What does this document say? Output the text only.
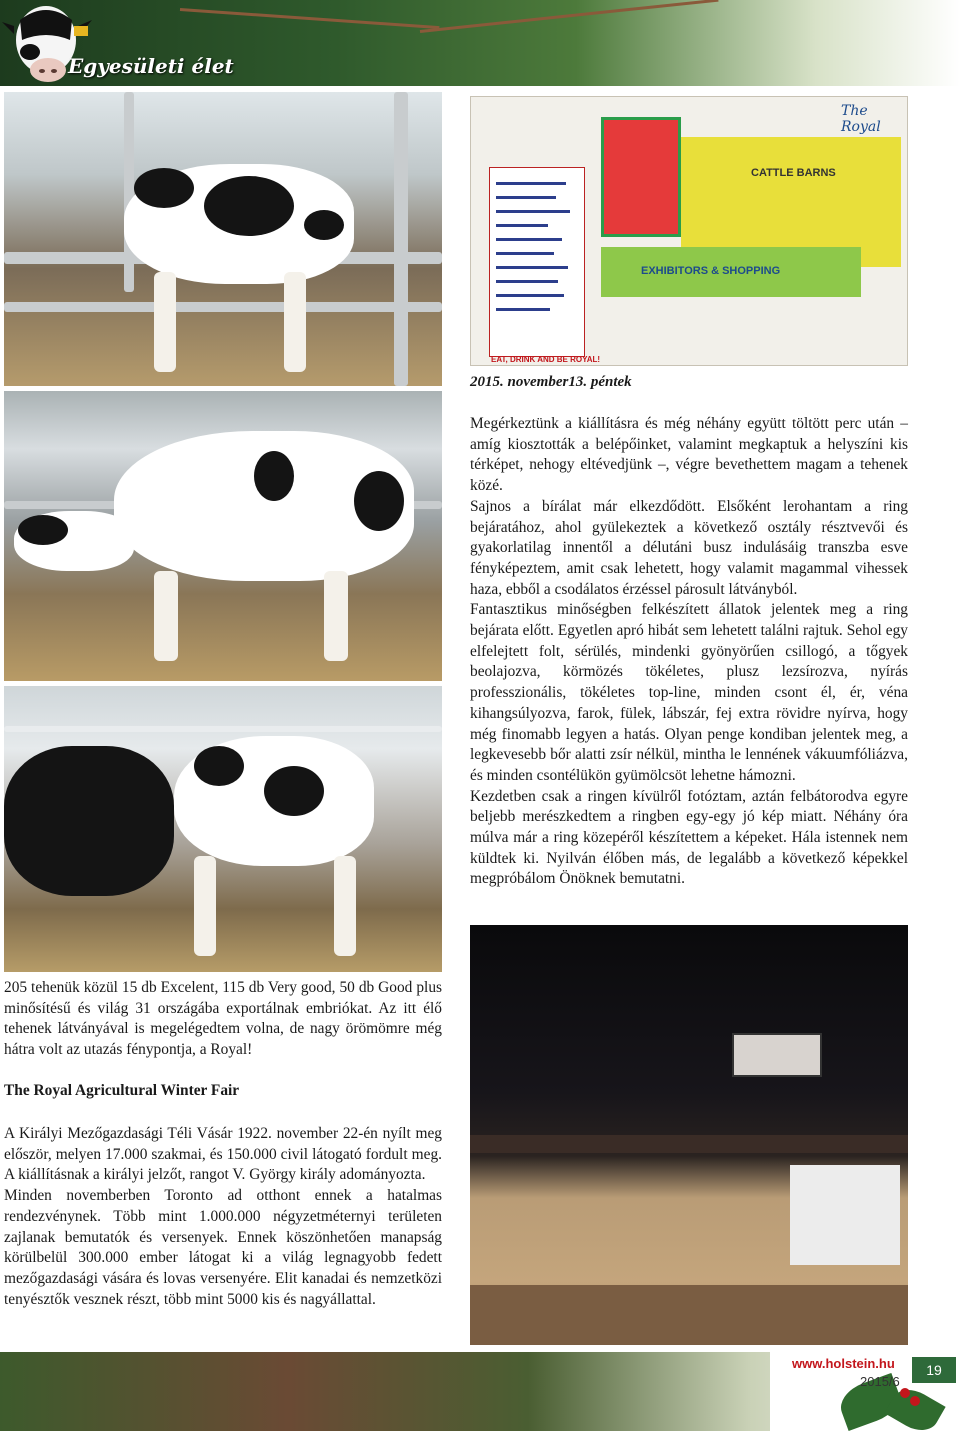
Egyesületi élet
CATTLE BARNS
EXHIBITORS & SHOPPING
The Royal
EAT, DRINK AND BE ROYAL!
2015. november13. péntek

Megérkeztünk a kiállításra és még néhány együtt töltött perc után – amíg kiosztották a belépőinket, valamint megkaptuk a helyszíni kis térképet, nehogy eltévedjünk –, végre bevethettem magam a tehenek közé.

Sajnos a bírálat már elkezdődött. Elsőként lerohantam a ring bejáratához, ahol gyülekeztek a következő osztály résztvevői és gyakorlatilag innentől a délutáni busz indulásáig transzba esve fényképeztem, amit csak lehetett, hogy valamit magammal vihessek haza, ebből a csodálatos érzéssel párosult látványból.

Fantasztikus minőségben felkészített állatok jelentek meg a ring bejárata előtt. Egyetlen apró hibát sem lehetett találni rajtuk. Sehol egy elfelejtett folt, sérülés, mindenki gyönyörűen csillogó, a tőgyek beolajozva, körmözés tökéletes, plusz lezsírozva, nyírás professzionális, tökéletes top-line, minden csont él, ér, véna kihangsúlyozva, farok, fülek, lábszár, fej extra rövidre nyírva, hogy még finomabb legyen a hatás. Olyan penge kondiban jelentek meg, a legkevesebb bőr alatti zsír nélkül, mintha le lennének vákuumfóliázva, és minden csontélükön gyümölcsöt lehetne hámozni.

Kezdetben csak a ringen kívülről fotóztam, aztán felbátorodva egyre beljebb merészkedtem a ringben egy-egy jó kép miatt. Néhány óra múlva már a ring közepéről készítettem a képeket. Hála istennek nem küldtek ki. Nyilván élőben más, de legalább a következő képekkel megpróbálom Önöknek bemutatni.

205 tehenük közül 15 db Excelent, 115 db Very good, 50 db Good plus minősítésű és világ 31 országába exportálnak embriókat. Az itt élő tehenek látványával is megelégedtem volna, de nagy örömömre még hátra volt az utazás fénypontja, a Royal!
The Royal Agricultural Winter Fair

A Királyi Mezőgazdasági Téli Vásár 1922. november 22-én nyílt meg először, melyen 17.000 szakmai, és 150.000 civil látogató fordult meg. A kiállításnak a királyi jelzőt, rangot V. György király adományozta.

Minden novemberben Toronto ad otthont ennek a hatalmas rendezvénynek. Több mint 1.000.000 négyzetméternyi területen zajlanak bemutatók és versenyek. Ennek köszönhetően manapság körülbelül 300.000 ember látogat ki a világ legnagyobb fedett mezőgazdasági vására és lovas versenyére. Elit kanadai és nemzetközi tenyésztők vesznek részt, több mint 5000 kis és nagyállattal.

www.holstein.hu
2015/6
19
